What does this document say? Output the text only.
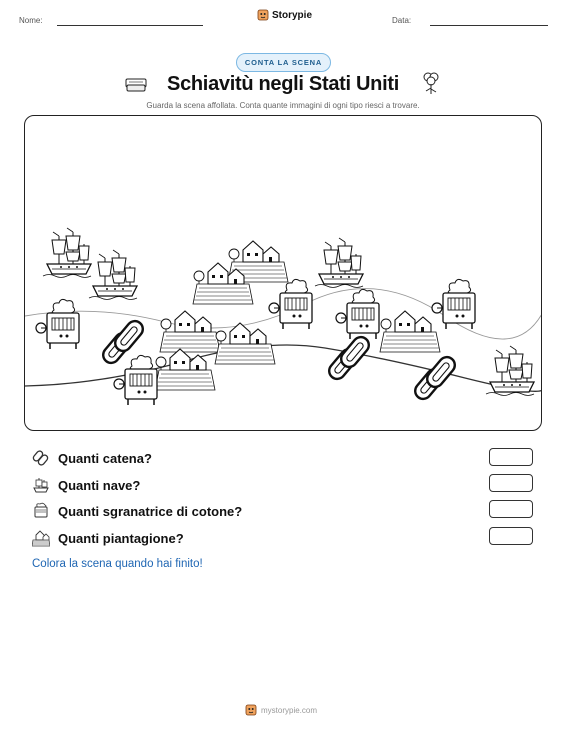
Nome:	Storypie	Data:
CONTA LA SCENA
Schiavitù negli Stati Uniti
Guarda la scena affollata. Conta quante immagini di ogni tipo riesci a trovare.
Quanti catena?
Quanti nave?
Quanti sgranatrice di cotone?
Quanti piantagione?
Colora la scena quando hai finito!
mystorypie.com
